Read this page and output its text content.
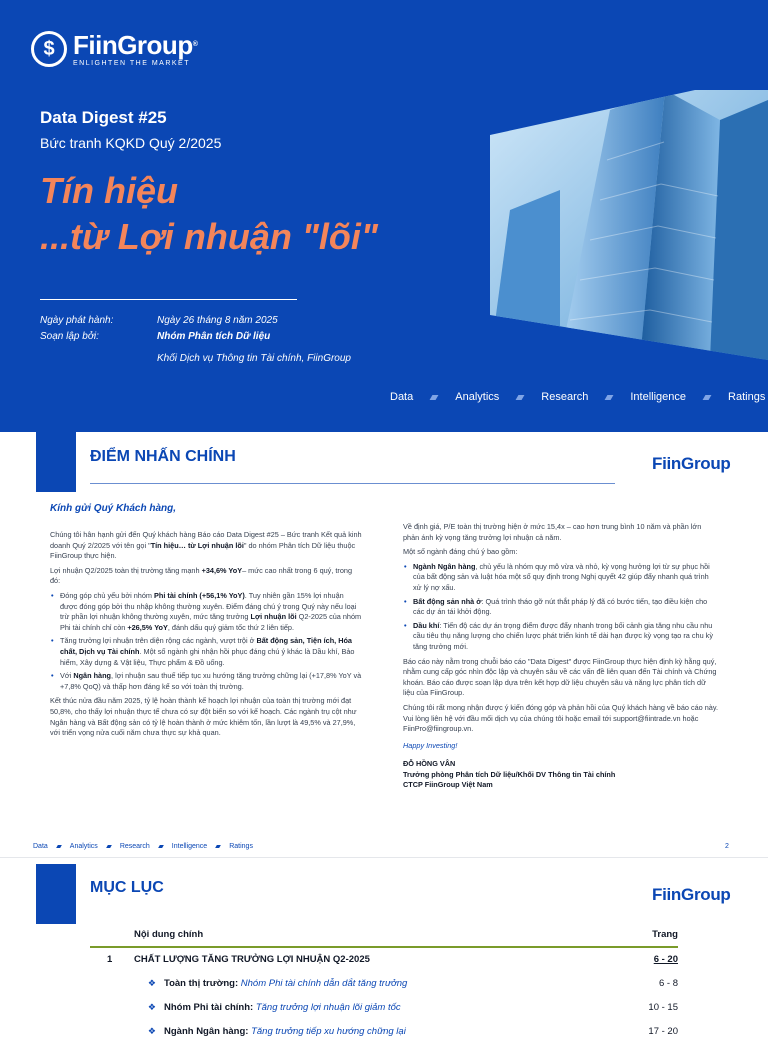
$ FiinGroup®
ENLIGHTEN THE MARKET
Data Digest #25
Bức tranh KQKD Quý 2/2025
Tín hiệu
...từ Lợi nhuận "lõi"
Ngày phát hành:	Ngày 26 tháng 8 năm 2025
Soạn lập bởi:	Nhóm Phân tích Dữ liệu
Khối Dịch vụ Thông tin Tài chính, FiinGroup
Data	Analytics	Research	Intelligence	Ratings
ĐIỂM NHẤN CHÍNH	FiinGroup
Kính gửi Quý Khách hàng,

Chúng tôi hân hạnh gửi đến Quý khách hàng Báo cáo Data Digest #25 – Bức tranh Kết quả kinh doanh Quý 2/2025 với tên gọi "Tín hiệu… từ Lợi nhuận lõi" do nhóm Phân tích Dữ liệu thuộc FiinGroup thực hiện.

Lợi nhuận Q2/2025 toàn thị trường tăng mạnh +34,6% YoY– mức cao nhất trong 6 quý, trong đó:

• Đóng góp chủ yếu bởi nhóm Phi tài chính (+56,1% YoY). Tuy nhiên gần 15% lợi nhuận được đóng góp bởi thu nhập không thường xuyên. Điểm đáng chú ý trong Quý này nếu loại trừ phần lợi nhuận không thường xuyên, mức tăng trưởng Lợi nhuận lõi Q2-2025 của nhóm Phi tài chính chỉ còn +26,5% YoY, đánh dấu quý giảm tốc thứ 2 liên tiếp.
• Tăng trưởng lợi nhuận trên diện rộng các ngành, vượt trội ở Bất động sản, Tiện ích, Hóa chất, Dịch vụ Tài chính. Một số ngành ghi nhận hồi phục đáng chú ý khác là Dầu khí, Bảo hiểm, Xây dựng & Vật liệu, Thực phẩm & Đồ uống.
• Với Ngân hàng, lợi nhuận sau thuế tiếp tục xu hướng tăng trưởng chững lại (+17,8% YoY và +7,8% QoQ) và thấp hơn đáng kể so với toàn thị trường.

Kết thúc nửa đầu năm 2025, tỷ lệ hoàn thành kế hoạch lợi nhuận của toàn thị trường mới đạt 50,8%, cho thấy lợi nhuận thực tế chưa có sự đột biến so với kế hoạch. Các ngành trụ cột như Ngân hàng và Bất động sản có tỷ lệ hoàn thành ở mức khiêm tốn, lần lượt là 49,5% và 27,9%, với triển vọng nửa cuối năm chưa thực sự khả quan.

Về định giá, P/E toàn thị trường hiện ở mức 15,4x – cao hơn trung bình 10 năm và phần lớn phản ánh kỳ vọng tăng trưởng lợi nhuận cả năm.

Một số ngành đáng chú ý bao gồm:

• Ngành Ngân hàng, chủ yếu là nhóm quy mô vừa và nhỏ, kỳ vọng hưởng lợi từ sự phục hồi của bất động sản và luật hóa một số quy định trong Nghị quyết 42 giúp đẩy nhanh quá trình xử lý nợ xấu.
• Bất động sản nhà ở: Quá trình tháo gỡ nút thắt pháp lý đã có bước tiến, tạo điều kiện cho các dự án tái khởi động.
• Dầu khí: Tiến độ các dự án trọng điểm được đẩy nhanh trong bối cảnh gia tăng nhu cầu nhu cầu tiêu thụ năng lượng cho chiến lược phát triển kinh tế dài hạn được kỳ vọng tạo ra chu kỳ tăng trưởng mới.

Báo cáo này nằm trong chuỗi báo cáo "Data Digest" được FiinGroup thực hiện định kỳ hằng quý, nhằm cung cấp góc nhìn độc lập và chuyên sâu về các vấn đề liên quan đến Tài chính và Chứng khoán. Báo cáo được soạn lập dựa trên kết hợp dữ liệu chuyên sâu và năng lực phân tích dữ liệu của FiinGroup.

Chúng tôi rất mong nhận được ý kiến đóng góp và phản hồi của Quý khách hàng về báo cáo này. Vui lòng liên hệ với đầu mối dịch vụ của chúng tôi hoặc email tới support@fiintrade.vn hoặc FiinPro@fiingroup.vn.

Happy Investing!

ĐỖ HỒNG VÂN
Trưởng phòng Phân tích Dữ liệu/Khối DV Thông tin Tài chính
CTCP FiinGroup Việt Nam
Data	Analytics	Research	Intelligence	Ratings	2
MỤC LỤC	FiinGroup
Nội dung chính	Trang
1	CHẤT LƯỢNG TĂNG TRƯỞNG LỢI NHUẬN Q2-2025	6 - 20
❖ Toàn thị trường: Nhóm Phi tài chính dẫn dắt tăng trưởng	6 - 8
❖ Nhóm Phi tài chính: Tăng trưởng lợi nhuận lõi giảm tốc	10 - 15
❖ Ngành Ngân hàng: Tăng trưởng tiếp xu hướng chững lại	17 - 20
